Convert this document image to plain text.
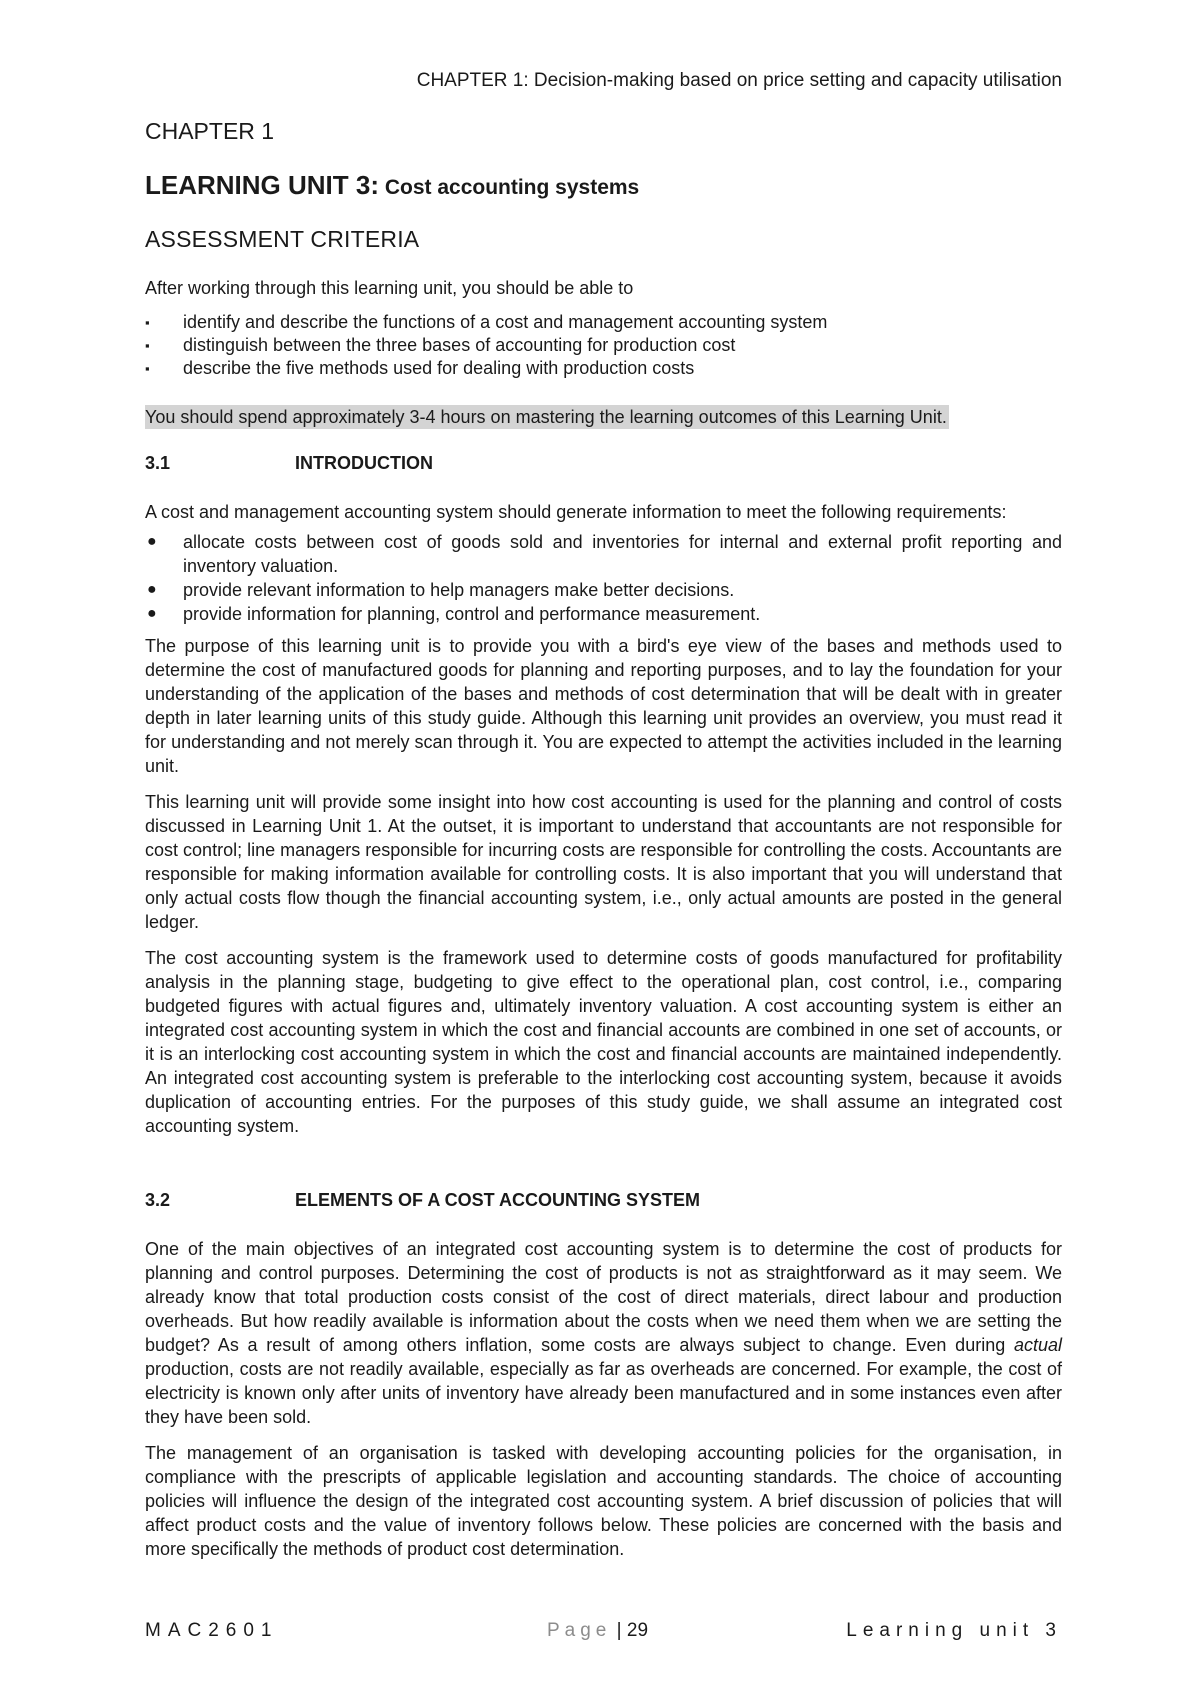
CHAPTER 1: Decision-making based on price setting and capacity utilisation
CHAPTER 1
LEARNING UNIT 3: Cost accounting systems
ASSESSMENT CRITERIA
After working through this learning unit, you should be able to
▪ identify and describe the functions of a cost and management accounting system
▪ distinguish between the three bases of accounting for production cost
▪ describe the five methods used for dealing with production costs
You should spend approximately 3-4 hours on mastering the learning outcomes of this Learning Unit.
3.1	INTRODUCTION

A cost and management accounting system should generate information to meet the following requirements:

● allocate costs between cost of goods sold and inventories for internal and external profit reporting and inventory valuation.
● provide relevant information to help managers make better decisions.
● provide information for planning, control and performance measurement.

The purpose of this learning unit is to provide you with a bird's eye view of the bases and methods used to determine the cost of manufactured goods for planning and reporting purposes, and to lay the foundation for your understanding of the application of the bases and methods of cost determination that will be dealt with in greater depth in later learning units of this study guide. Although this learning unit provides an overview, you must read it for understanding and not merely scan through it. You are expected to attempt the activities included in the learning unit.

This learning unit will provide some insight into how cost accounting is used for the planning and control of costs discussed in Learning Unit 1. At the outset, it is important to understand that accountants are not responsible for cost control; line managers responsible for incurring costs are responsible for controlling the costs. Accountants are responsible for making information available for controlling costs. It is also important that you will understand that only actual costs flow though the financial accounting system, i.e., only actual amounts are posted in the general ledger.

The cost accounting system is the framework used to determine costs of goods manufactured for profitability analysis in the planning stage, budgeting to give effect to the operational plan, cost control, i.e., comparing budgeted figures with actual figures and, ultimately inventory valuation. A cost accounting system is either an integrated cost accounting system in which the cost and financial accounts are combined in one set of accounts, or it is an interlocking cost accounting system in which the cost and financial accounts are maintained independently. An integrated cost accounting system is preferable to the interlocking cost accounting system, because it avoids duplication of accounting entries. For the purposes of this study guide, we shall assume an integrated cost accounting system.

3.2	ELEMENTS OF A COST ACCOUNTING SYSTEM

One of the main objectives of an integrated cost accounting system is to determine the cost of products for planning and control purposes. Determining the cost of products is not as straightforward as it may seem. We already know that total production costs consist of the cost of direct materials, direct labour and production overheads. But how readily available is information about the costs when we need them when we are setting the budget? As a result of among others inflation, some costs are always subject to change. Even during actual production, costs are not readily available, especially as far as overheads are concerned. For example, the cost of electricity is known only after units of inventory have already been manufactured and in some instances even after they have been sold.

The management of an organisation is tasked with developing accounting policies for the organisation, in compliance with the prescripts of applicable legislation and accounting standards. The choice of accounting policies will influence the design of the integrated cost accounting system. A brief discussion of policies that will affect product costs and the value of inventory follows below. These policies are concerned with the basis and more specifically the methods of product cost determination.

MAC2601	Page | 29	Learning unit 3
